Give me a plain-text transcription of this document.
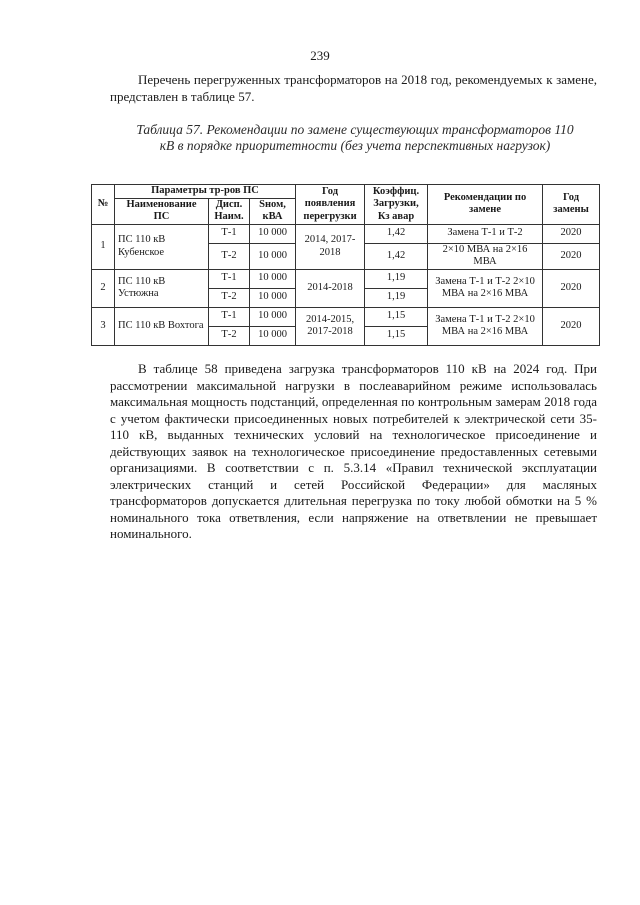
239

Перечень перегруженных трансформаторов на 2018 год, рекомендуемых к замене, представлен в таблице 57.

Таблица 57. Рекомендации по замене существующих трансформаторов 110
кВ в порядке приоритетности (без учета перспективных нагрузок)
№	Параметры тр-ров ПС			Год появления перегрузки	Коэффиц. Загрузки, Кз авар	Рекомендации по замене	Год замены
	Наименование ПС	Дисп. Наим.	Sном, кВА				
1	ПС 110 кВ Кубенское	Т-1	10 000	2014, 2017-2018	1,42	Замена Т-1 и Т-2	2020
		Т-2	10 000		1,42	2×10 МВА на 2×16 МВА	2020
2	ПС 110 кВ Устюжна	Т-1	10 000	2014-2018	1,19	Замена Т-1 и Т-2 2×10 МВА на 2×16 МВА	2020
		Т-2	10 000		1,19		
3	ПС 110 кВ Вохтога	Т-1	10 000	2014-2015, 2017-2018	1,15	Замена Т-1 и Т-2 2×10 МВА на 2×16 МВА	2020
		Т-2	10 000		1,15		

В таблице 58 приведена загрузка трансформаторов 110 кВ на 2024 год. При рассмотрении максимальной нагрузки в послеаварийном режиме использовалась максимальная мощность подстанций, определенная по контрольным замерам 2018 года с учетом фактически присоединенных новых потребителей к электрической сети 35-110 кВ, выданных технических условий на технологическое присоединение и действующих заявок на технологическое присоединение предоставленных сетевыми организациями. В соответствии с п. 5.3.14 «Правил технической эксплуатации электрических станций и сетей Российской Федерации» для масляных трансформаторов допускается длительная перегрузка по току любой обмотки на 5 % номинального тока ответвления, если напряжение на ответвлении не превышает номинального.
